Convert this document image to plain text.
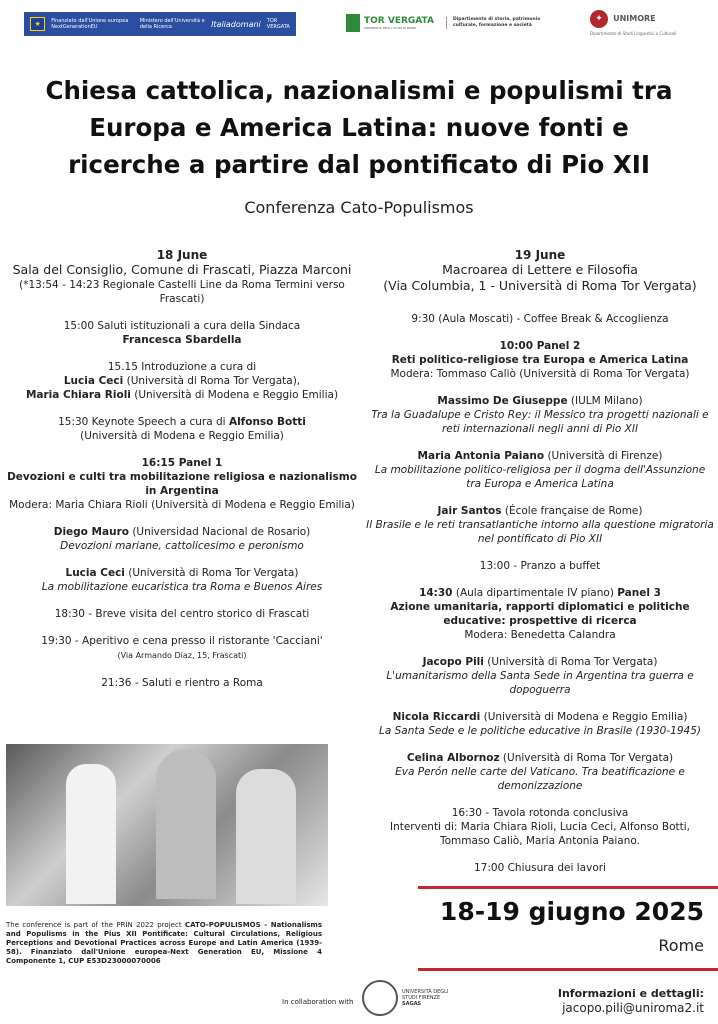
★	Finanziato dall'Unione europea NextGenerationEU
Ministero dell'Università e della Ricerca	Italiadomani TOR VERGATA
TOR VERGATA
UNIVERSITÀ DEGLI STUDI DI ROMA
Dipartimento di storia, patrimonio culturale, formazione e società
✦ UNIMORE
Dipartimento di Studi Linguistici e Culturali
Chiesa cattolica, nazionalismi e populismi tra Europa e America Latina: nuove fonti e ricerche a partire dal pontificato di Pio XII
Conferenza Cato-Populismos
18 June
Sala del Consiglio, Comune di Frascati, Piazza Marconi

(*13:54 - 14:23 Regionale Castelli Line da Roma Termini verso Frascati)

15:00 Saluti istituzionali a cura della Sindaca
Francesca Sbardella

15.15 Introduzione a cura di
Lucia Ceci (Università di Roma Tor Vergata),
Maria Chiara Rioli (Università di Modena e Reggio Emilia)

15:30 Keynote Speech a cura di Alfonso Botti
(Università di Modena e Reggio Emilia)

16:15 Panel 1
Devozioni e culti tra mobilitazione religiosa e nazionalismo in Argentina
Modera: Maria Chiara Rioli (Università di Modena e Reggio Emilia)

Diego Mauro (Universidad Nacional de Rosario)
Devozioni mariane, cattolicesimo e peronismo

Lucia Ceci (Università di Roma Tor Vergata)
La mobilitazione eucaristica tra Roma e Buenos Aires

18:30 - Breve visita del centro storico di Frascati

19:30 - Aperitivo e cena presso il ristorante 'Cacciani'
(Via Armando Diaz, 15, Frascati)

21:36 - Saluti e rientro a Roma

19 June
Macroarea di Lettere e Filosofia

(Via Columbia, 1 - Università di Roma Tor Vergata)

9:30 (Aula Moscati) - Coffee Break & Accoglienza

10:00 Panel 2
Reti politico-religiose tra Europa e America Latina
Modera: Tommaso Caliò (Università di Roma Tor Vergata)

Massimo De Giuseppe (IULM Milano)
Tra la Guadalupe e Cristo Rey: il Messico tra progetti nazionali e reti internazionali negli anni di Pio XII

Maria Antonia Paiano (Università di Firenze)
La mobilitazione politico-religiosa per il dogma dell'Assunzione tra Europa e America Latina

Jair Santos (École française de Rome)
Il Brasile e le reti transatlantiche intorno alla questione migratoria nel pontificato di Pio XII

13:00 - Pranzo a buffet

14:30 (Aula dipartimentale IV piano) Panel 3
Azione umanitaria, rapporti diplomatici e politiche educative: prospettive di ricerca
Modera: Benedetta Calandra

Jacopo Pili (Università di Roma Tor Vergata)
L'umanitarismo della Santa Sede in Argentina tra guerra e dopoguerra

Nicola Riccardi (Università di Modena e Reggio Emilia)
La Santa Sede e le politiche educative in Brasile (1930-1945)

Celina Albornoz (Università di Roma Tor Vergata)
Eva Perón nelle carte del Vaticano. Tra beatificazione e demonizzazione

16:30 - Tavola rotonda conclusiva
Interventi di: Maria Chiara Rioli, Lucia Ceci, Alfonso Botti, Tommaso Caliò, Maria Antonia Paiano.

17:00 Chiusura dei lavori

The conference is part of the PRIN 2022 project CATO-POPULISMOS - Nationalisms and Populisms in the Pius XII Pontificate: Cultural Circulations, Religious Perceptions and Devotional Practices across Europe and Latin America (1939-58). Finanziato dall'Unione europea-Next Generation EU, Missione 4 Componente 1, CUP E53D23000070006
In collaboration with
UNIVERSITÀ DEGLI STUDI FIRENZE
SAGAS
18-19 giugno 2025
Rome
Informazioni e dettagli:
jacopo.pili@uniroma2.it
